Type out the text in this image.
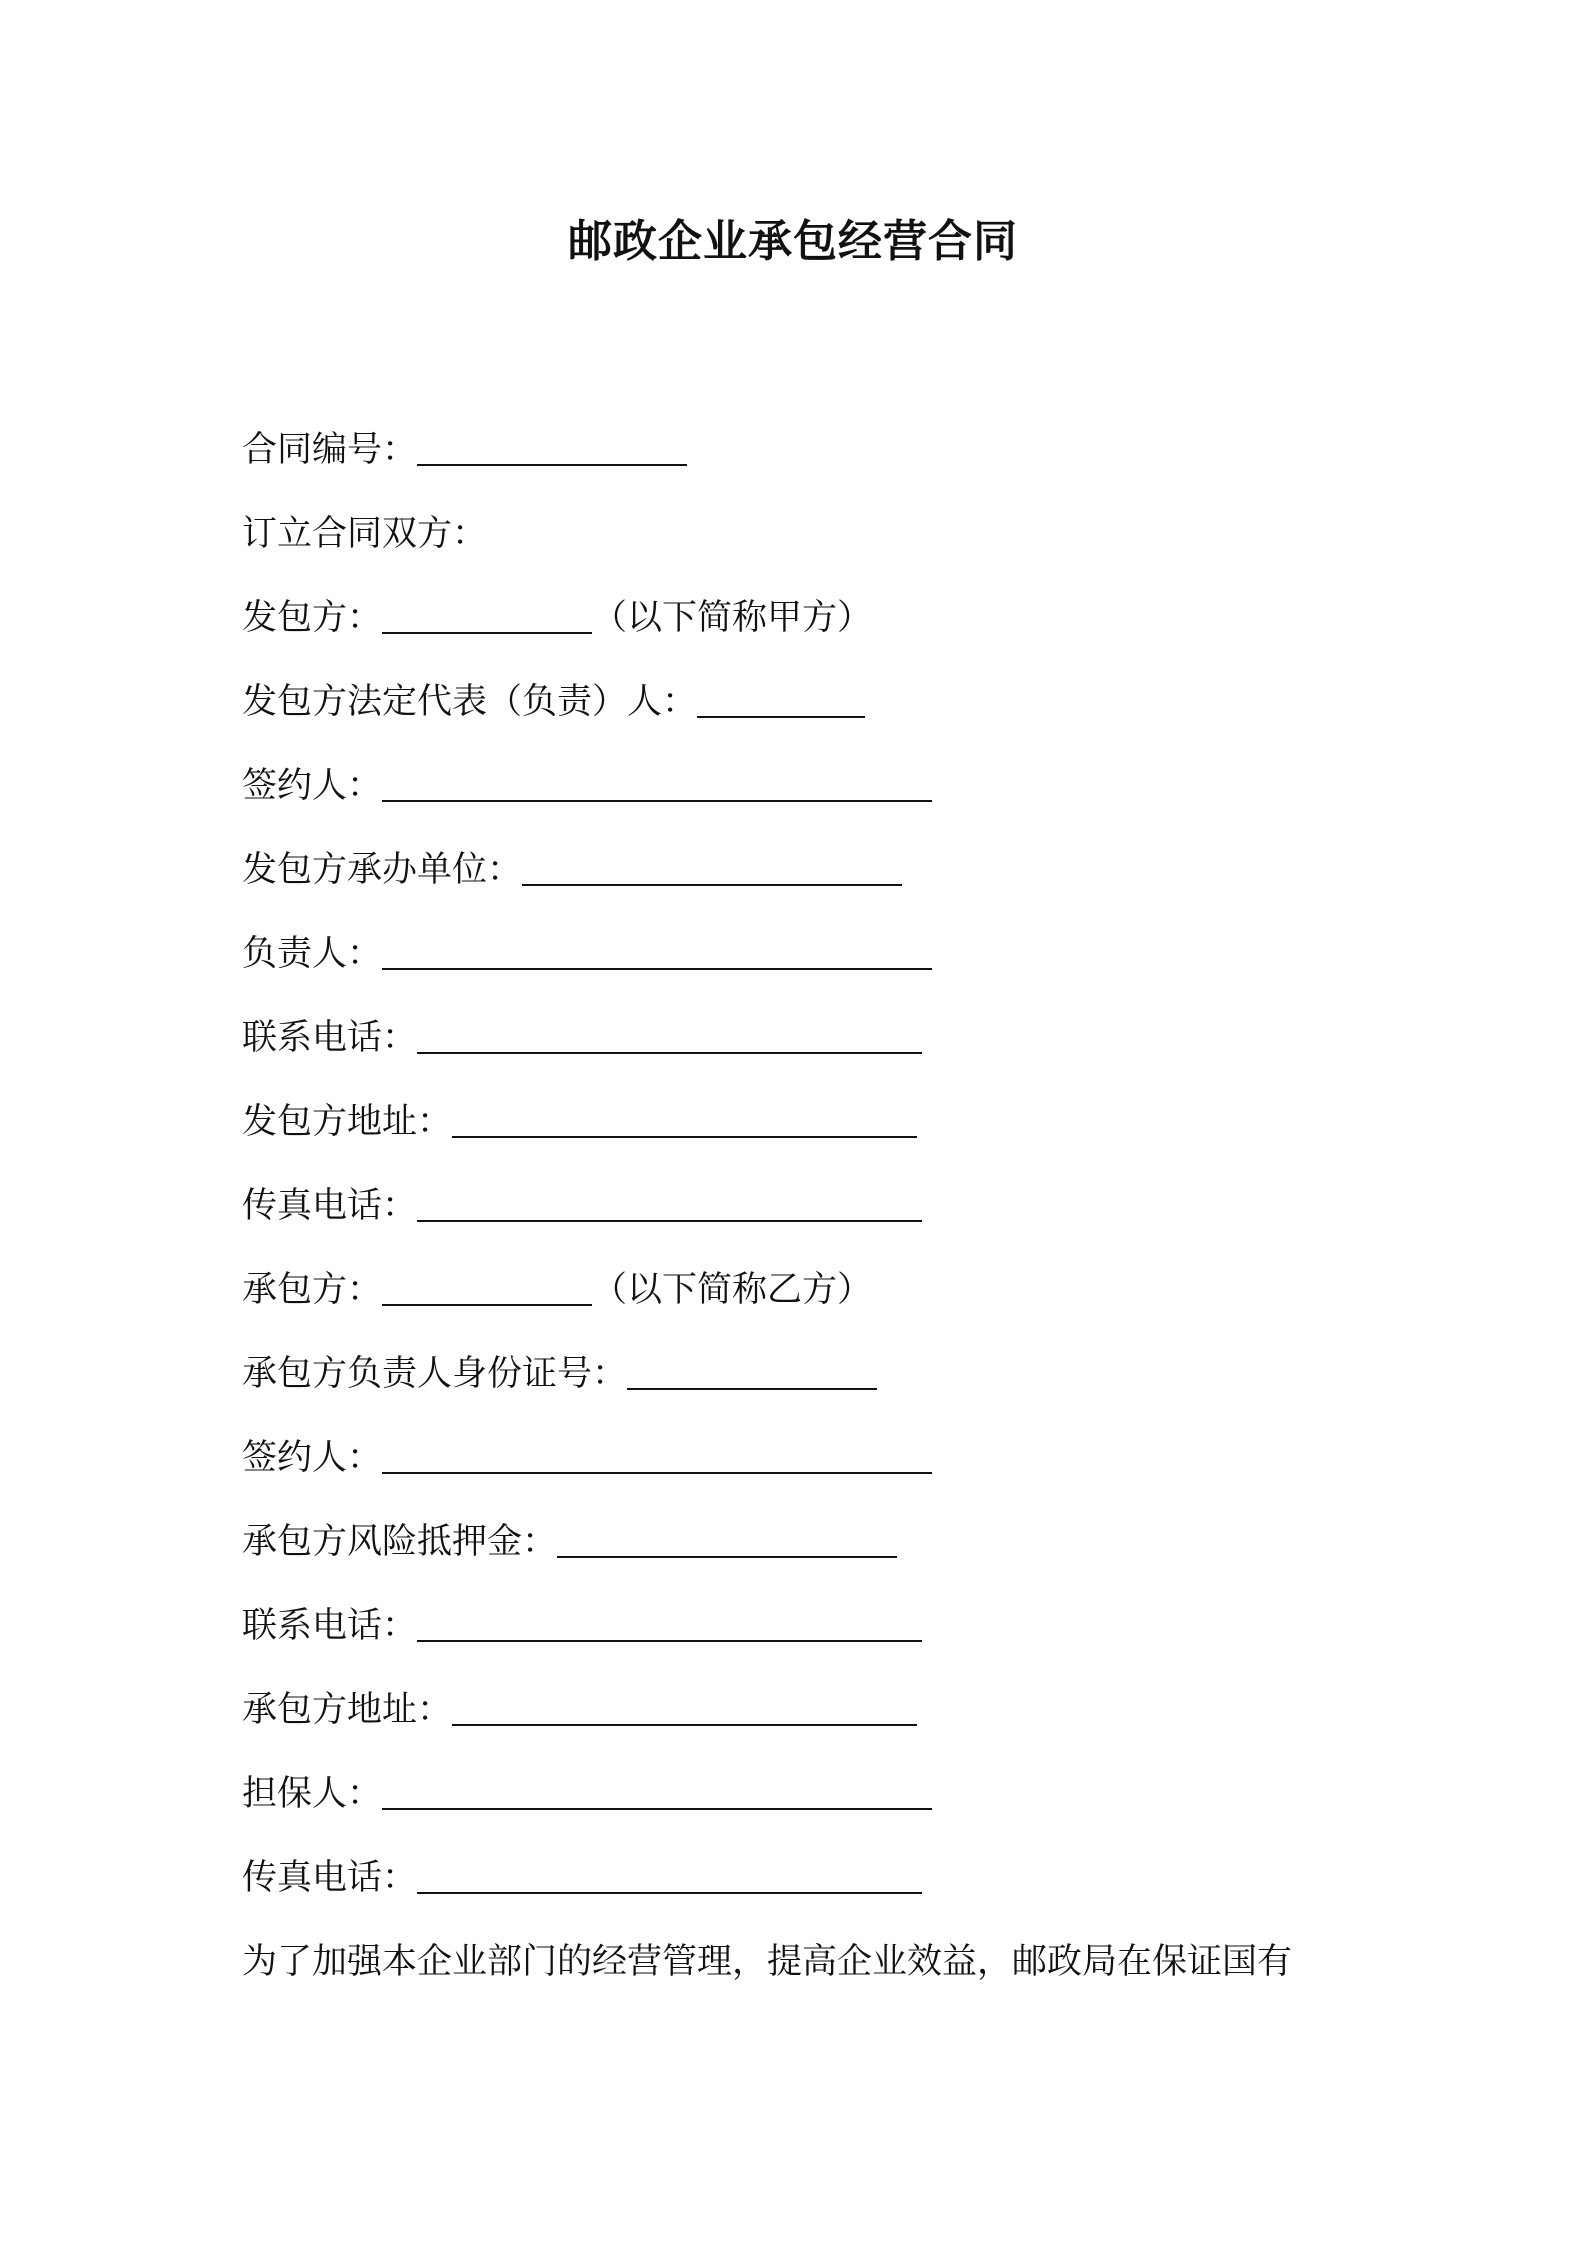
邮政企业承包经营合同
合同编号：
订立合同双方：
发包方：	（以下简称甲方）
发包方法定代表（负责）人：
签约人：
发包方承办单位：
负责人：
联系电话：
发包方地址：
传真电话：
承包方：	（以下简称乙方）
承包方负责人身份证号：
签约人：
承包方风险抵押金：
联系电话：
承包方地址：
担保人：
传真电话：
为了加强本企业部门的经营管理，提高企业效益，邮政局在保证国有
